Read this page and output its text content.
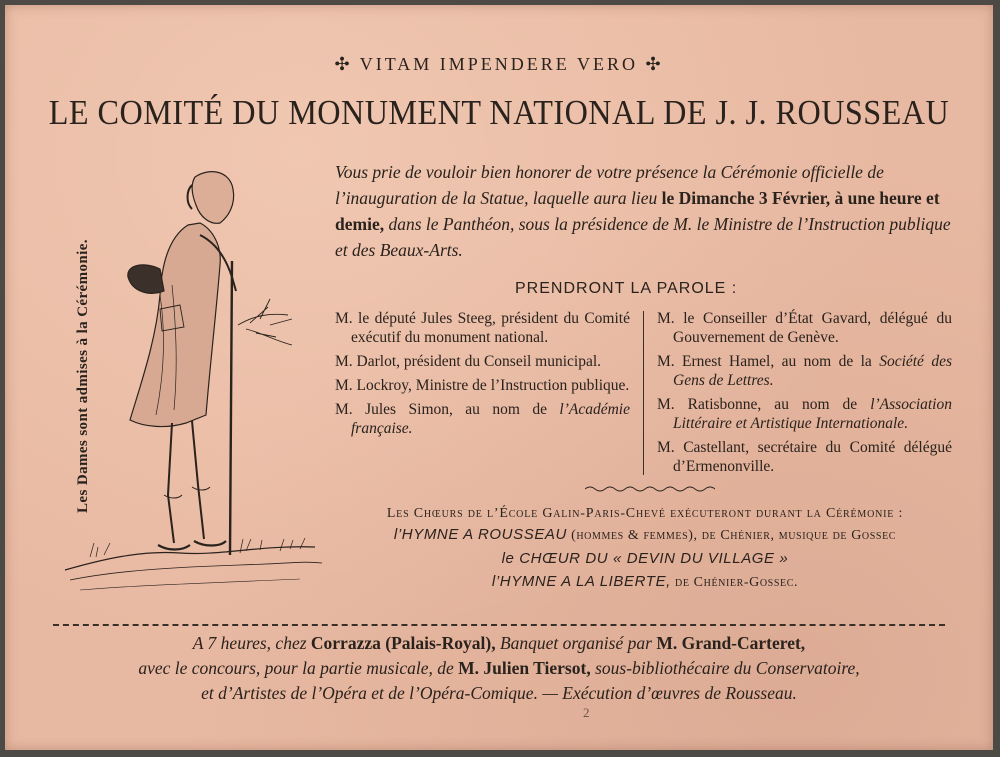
✣ VITAM IMPENDERE VERO ✣
LE COMITÉ DU MONUMENT NATIONAL DE J. J. ROUSSEAU
Les Dames sont admises à la Cérémonie.
Vous prie de vouloir bien honorer de votre présence la Cérémonie officielle de l’inauguration de la Statue, laquelle aura lieu le Dimanche 3 Février, à une heure et demie, dans le Panthéon, sous la présidence de M. le Ministre de l’Instruction publique et des Beaux-Arts.
PRENDRONT LA PAROLE :

M. le député Jules Steeg, président du Comité exécutif du monument national.

M. Darlot, président du Conseil municipal.

M. Lockroy, Ministre de l’Instruction publique.

M. Jules Simon, au nom de l’Académie française.

M. le Conseiller d’État Gavard, délégué du Gouvernement de Genève.

M. Ernest Hamel, au nom de la Société des Gens de Lettres.

M. Ratisbonne, au nom de l’Association Littéraire et Artistique Internationale.

M. Castellant, secrétaire du Comité délégué d’Ermenonville.

Les Chœurs de l’École Galin-Paris-Chevé exécuteront durant la Cérémonie :
l’HYMNE A ROUSSEAU (hommes & femmes), de Chénier, musique de Gossec
le CHŒUR DU « DEVIN DU VILLAGE »
l’HYMNE A LA LIBERTE, de Chénier-Gossec.
A 7 heures, chez Corrazza (Palais-Royal), Banquet organisé par M. Grand-Carteret,
avec le concours, pour la partie musicale, de M. Julien Tiersot, sous-bibliothécaire du Conservatoire,
et d’Artistes de l’Opéra et de l’Opéra-Comique. — Exécution d’œuvres de Rousseau.
2
